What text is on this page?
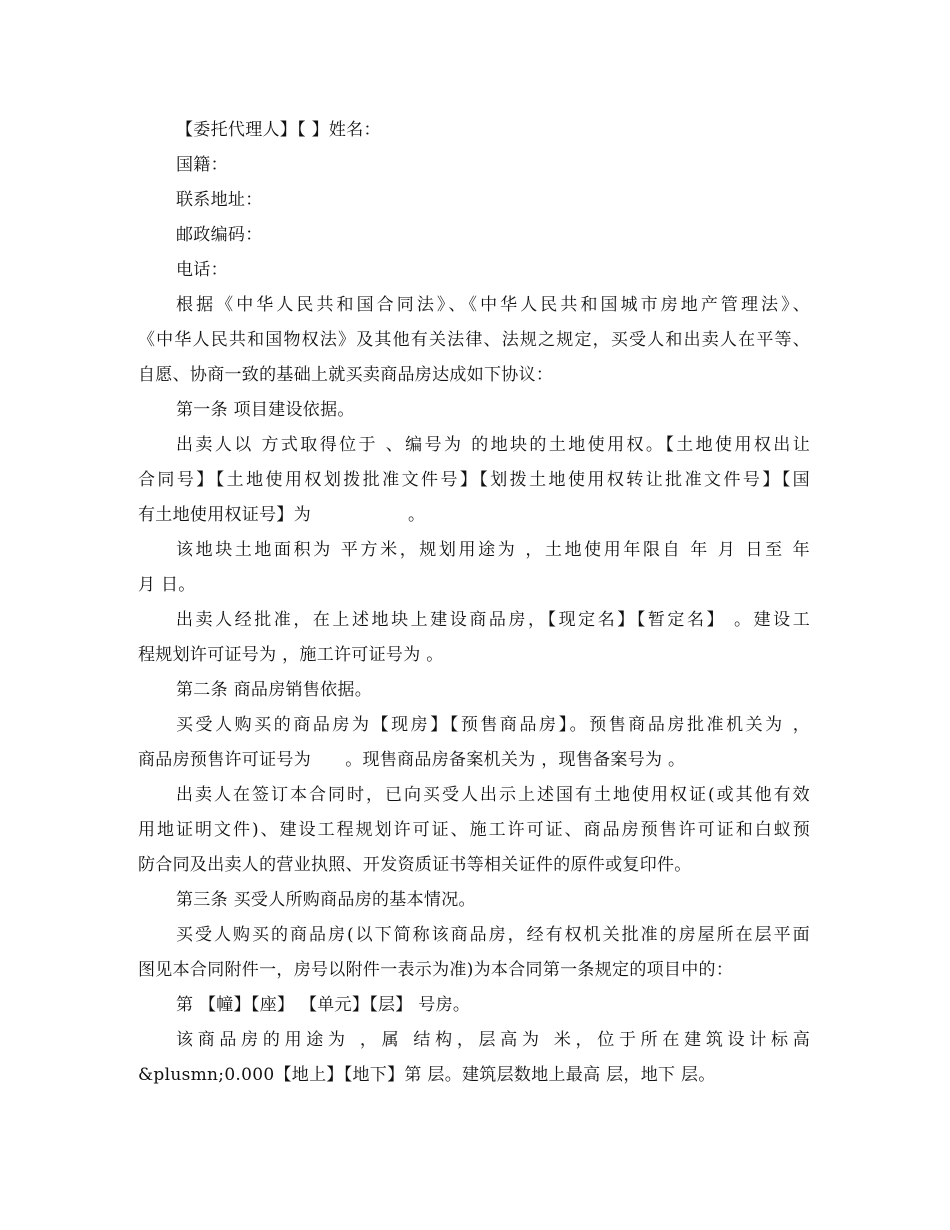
【委托代理人】【 】姓名：
国籍：
联系地址：
邮政编码：
电话：
根据《中华人民共和国合同法》、《中华人民共和国城市房地产管理法》、
《中华人民共和国物权法》及其他有关法律、法规之规定，买受人和出卖人在平等、
自愿、协商一致的基础上就买卖商品房达成如下协议：
第一条 项目建设依据。
出卖人以 方式取得位于 、编号为 的地块的土地使用权。【土地使用权出让
合同号】【土地使用权划拨批准文件号】【划拨土地使用权转让批准文件号】【国
有土地使用权证号】为                 。
该地块土地面积为 平方米，规划用途为 ，土地使用年限自 年 月 日至 年
月 日。
出卖人经批准，在上述地块上建设商品房，【现定名】【暂定名】 。建设工
程规划许可证号为 ，施工许可证号为 。
第二条 商品房销售依据。
买受人购买的商品房为【现房】【预售商品房】。预售商品房批准机关为 ，
商品房预售许可证号为      。现售商品房备案机关为 ，现售备案号为 。
出卖人在签订本合同时，已向买受人出示上述国有土地使用权证(或其他有效
用地证明文件)、建设工程规划许可证、施工许可证、商品房预售许可证和白蚁预
防合同及出卖人的营业执照、开发资质证书等相关证件的原件或复印件。
第三条 买受人所购商品房的基本情况。
买受人购买的商品房(以下简称该商品房，经有权机关批准的房屋所在层平面
图见本合同附件一，房号以附件一表示为准)为本合同第一条规定的项目中的：
第 【幢】【座】 【单元】【层】 号房。
该商品房的用途为 ，属 结构，层高为 米，位于所在建筑设计标高
&plusmn;0.000【地上】【地下】第 层。建筑层数地上最高 层，地下 层。
